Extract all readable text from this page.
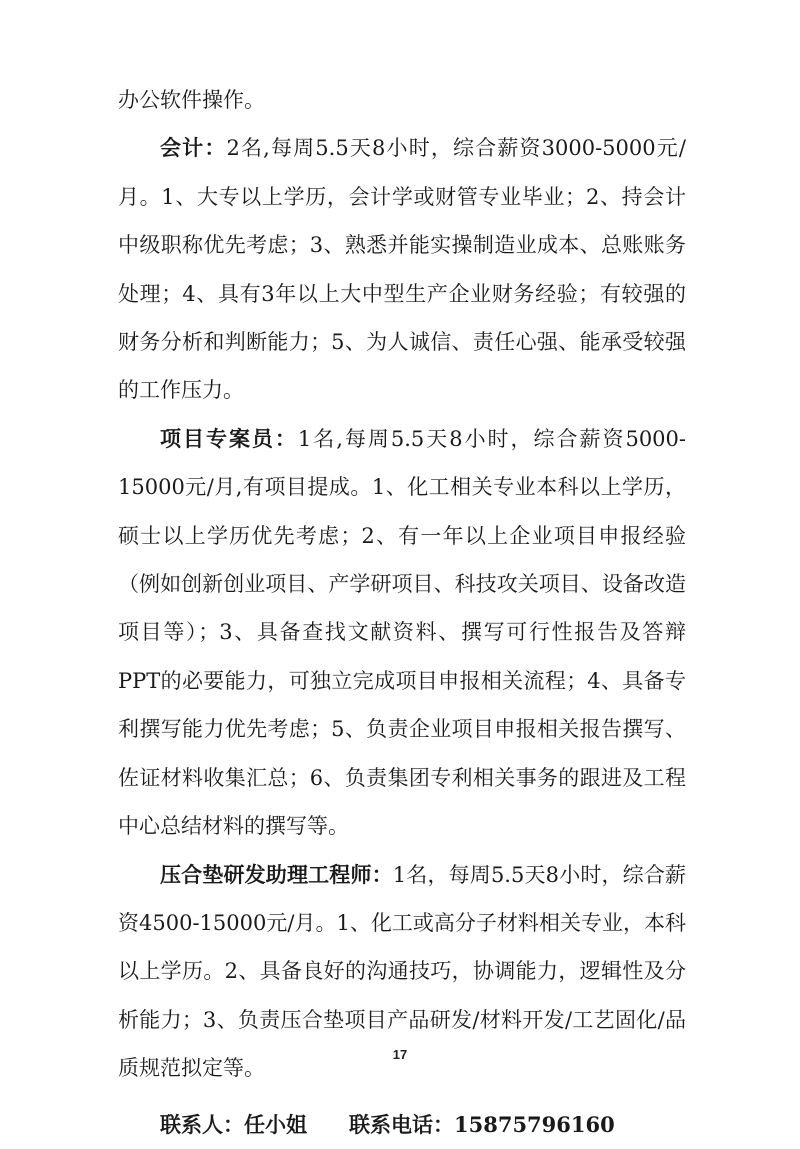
办公软件操作。

会计：2名,每周5.5天8小时，综合薪资3000-5000元/月。1、大专以上学历，会计学或财管专业毕业；2、持会计中级职称优先考虑；3、熟悉并能实操制造业成本、总账账务处理；4、具有3年以上大中型生产企业财务经验；有较强的财务分析和判断能力；5、为人诚信、责任心强、能承受较强的工作压力。

项目专案员：1名,每周5.5天8小时，综合薪资5000-15000元/月,有项目提成。1、化工相关专业本科以上学历，硕士以上学历优先考虑；2、有一年以上企业项目申报经验（例如创新创业项目、产学研项目、科技攻关项目、设备改造项目等）；3、具备查找文献资料、撰写可行性报告及答辩PPT的必要能力，可独立完成项目申报相关流程；4、具备专利撰写能力优先考虑；5、负责企业项目申报相关报告撰写、佐证材料收集汇总；6、负责集团专利相关事务的跟进及工程中心总结材料的撰写等。

压合垫研发助理工程师：1名，每周5.5天8小时，综合薪资4500-15000元/月。1、化工或高分子材料相关专业，本科以上学历。2、具备良好的沟通技巧，协调能力，逻辑性及分析能力；3、负责压合垫项目产品研发/材料开发/工艺固化/品质规范拟定等。

联系人：任小姐 联系电话：15875796160

17
